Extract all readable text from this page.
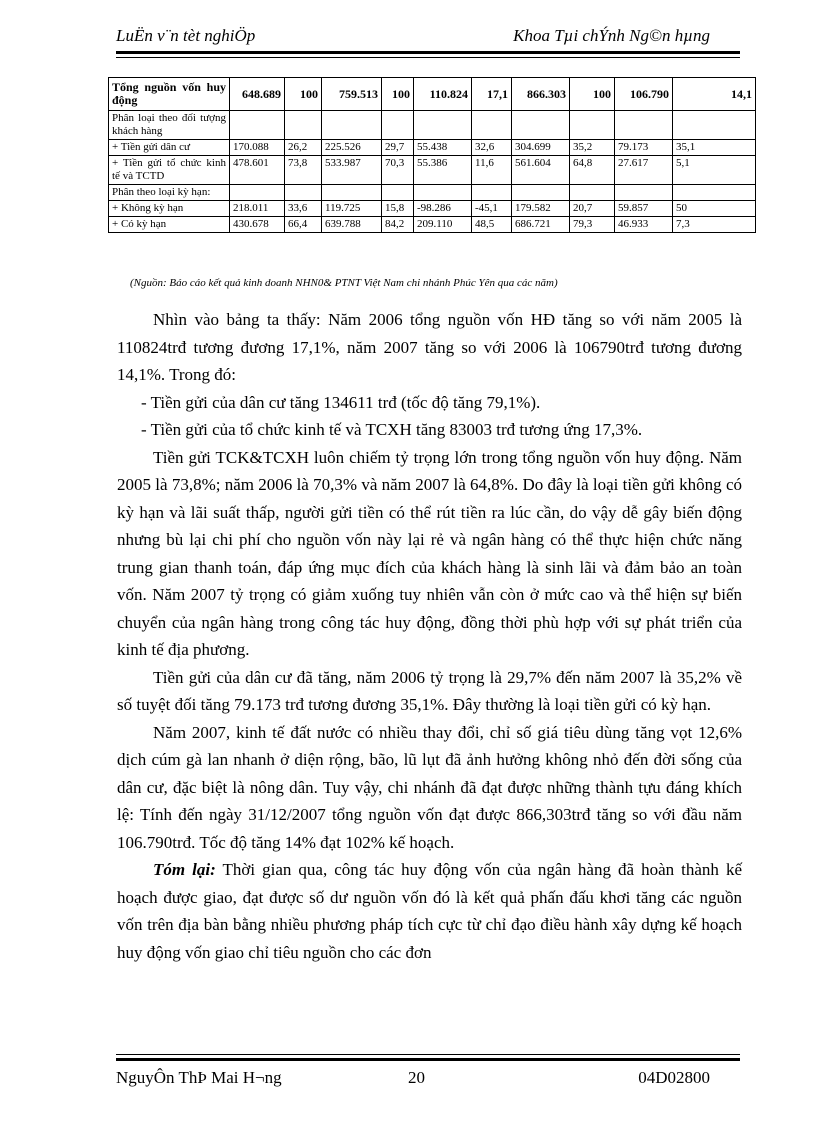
LuËn v¨n tèt nghiÖp	Khoa Tµi chÝnh Ng©n hµng
Tổng nguồn vốn huy động	648.689	100	759.513	100	110.824	17,1	866.303	100	106.790	14,1
Phân loại theo đối tượng khách hàng										
+ Tiền gửi dân cư	170.088	26,2	225.526	29,7	55.438	32,6	304.699	35,2	79.173	35,1
+ Tiền gửi tổ chức kinh tế và TCTD	478.601	73,8	533.987	70,3	55.386	11,6	561.604	64,8	27.617	5,1
Phân theo loại kỳ hạn:										
+ Không kỳ hạn	218.011	33,6	119.725	15,8	-98.286	-45,1	179.582	20,7	59.857	50
+ Có kỳ hạn	430.678	66,4	639.788	84,2	209.110	48,5	686.721	79,3	46.933	7,3
(Nguồn: Báo cáo kết quả kinh doanh NHN0& PTNT Việt Nam chi nhánh Phúc Yên qua các năm)

Nhìn vào bảng ta thấy: Năm 2006 tổng nguồn vốn HĐ tăng so với năm 2005 là 110824trđ tương đương 17,1%, năm 2007 tăng so với 2006 là 106790trđ tương đương 14,1%. Trong đó:

- Tiền gửi của dân cư tăng 134611 trđ (tốc độ tăng 79,1%).

- Tiền gửi của tổ chức kinh tế và TCXH tăng 83003 trđ tương ứng 17,3%.

Tiền gửi TCK&TCXH luôn chiếm tỷ trọng lớn trong tổng nguồn vốn huy động. Năm 2005 là 73,8%; năm 2006 là 70,3% và năm 2007 là 64,8%. Do đây là loại tiền gửi không có kỳ hạn và lãi suất thấp, người gửi tiền có thể rút tiền ra lúc cần, do vậy dễ gây biến động nhưng bù lại chi phí cho nguồn vốn này lại rẻ và ngân hàng có thể thực hiện chức năng trung gian thanh toán, đáp ứng mục đích của khách hàng là sinh lãi và đảm bảo an toàn vốn. Năm 2007 tỷ trọng có giảm xuống tuy nhiên vẫn còn ở mức cao và thể hiện sự biến chuyển của ngân hàng trong công tác huy động, đồng thời phù hợp với sự phát triển của kinh tế địa phương.

Tiền gửi của dân cư đã tăng, năm 2006 tỷ trọng là 29,7% đến năm 2007 là 35,2% về số tuyệt đối tăng 79.173 trđ tương đương 35,1%. Đây thường là loại tiền gửi có kỳ hạn.

Năm 2007, kinh tế đất nước có nhiều thay đổi, chỉ số giá tiêu dùng tăng vọt 12,6% dịch cúm gà lan nhanh ở diện rộng, bão, lũ lụt đã ảnh hưởng không nhỏ đến đời sống của dân cư, đặc biệt là nông dân. Tuy vậy, chi nhánh đã đạt được những thành tựu đáng khích lệ: Tính đến ngày 31/12/2007 tổng nguồn vốn đạt được 866,303trđ tăng so với đầu năm 106.790trđ. Tốc độ tăng 14% đạt 102% kế hoạch.

Tóm lại: Thời gian qua, công tác huy động vốn của ngân hàng đã hoàn thành kế hoạch được giao, đạt được số dư nguồn vốn đó là kết quả phấn đấu khơi tăng các nguồn vốn trên địa bàn bằng nhiều phương pháp tích cực từ chỉ đạo điều hành xây dựng kế hoạch huy động vốn giao chỉ tiêu nguồn cho các đơn

NguyÔn ThÞ Mai H¬ng	20	04D02800
